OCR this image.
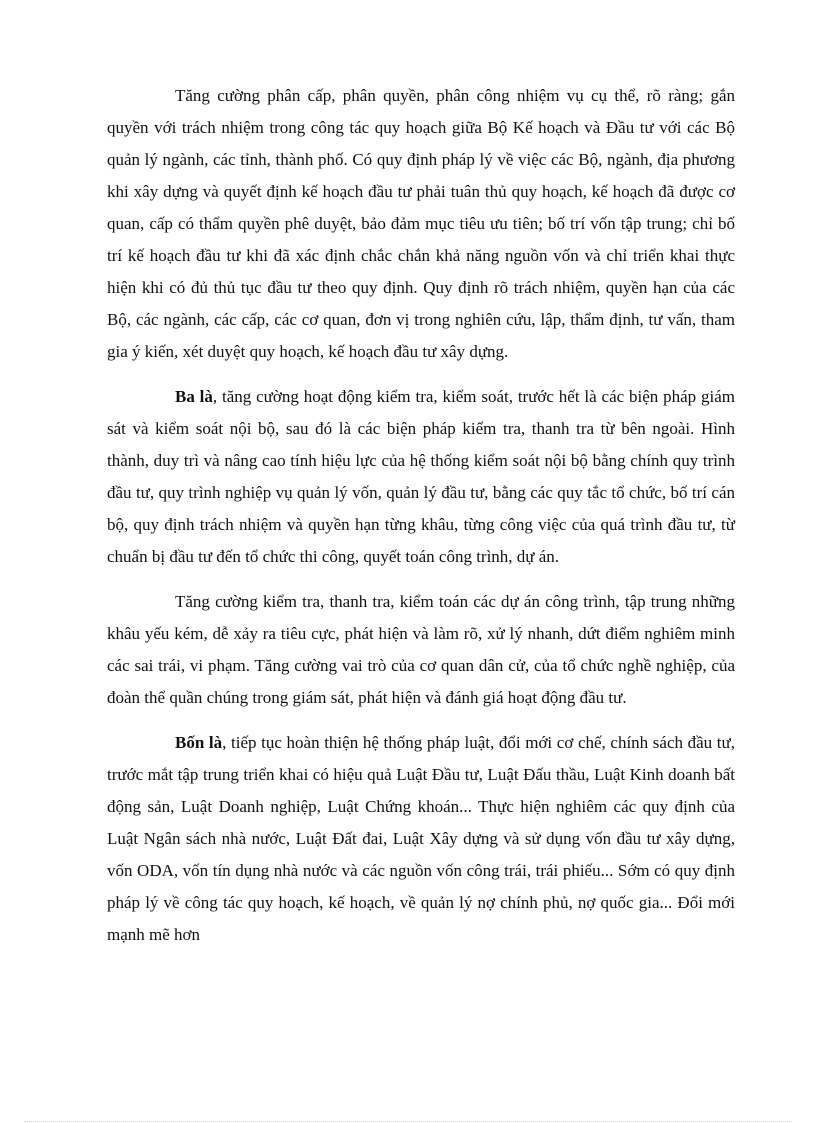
Tăng cường phân cấp, phân quyền, phân công nhiệm vụ cụ thể, rõ ràng; gắn quyền với trách nhiệm trong công tác quy hoạch giữa Bộ Kế hoạch và Đầu tư với các Bộ quản lý ngành, các tỉnh, thành phố. Có quy định pháp lý về việc các Bộ, ngành, địa phương khi xây dựng và quyết định kế hoạch đầu tư phải tuân thủ quy hoạch, kế hoạch đã được cơ quan, cấp có thẩm quyền phê duyệt, bảo đảm mục tiêu ưu tiên; bố trí vốn tập trung; chỉ bố trí kế hoạch đầu tư khi đã xác định chắc chắn khả năng nguồn vốn và chỉ triển khai thực hiện khi có đủ thủ tục đầu tư theo quy định. Quy định rõ trách nhiệm, quyền hạn của các Bộ, các ngành, các cấp, các cơ quan, đơn vị trong nghiên cứu, lập, thẩm định, tư vấn, tham gia ý kiến, xét duyệt quy hoạch, kế hoạch đầu tư xây dựng.

Ba là, tăng cường hoạt động kiểm tra, kiểm soát, trước hết là các biện pháp giám sát và kiểm soát nội bộ, sau đó là các biện pháp kiểm tra, thanh tra từ bên ngoài. Hình thành, duy trì và nâng cao tính hiệu lực của hệ thống kiểm soát nội bộ bằng chính quy trình đầu tư, quy trình nghiệp vụ quản lý vốn, quản lý đầu tư, bằng các quy tắc tổ chức, bố trí cán bộ, quy định trách nhiệm và quyền hạn từng khâu, từng công việc của quá trình đầu tư, từ chuẩn bị đầu tư đến tổ chức thi công, quyết toán công trình, dự án.

Tăng cường kiểm tra, thanh tra, kiểm toán các dự án công trình, tập trung những khâu yếu kém, dễ xảy ra tiêu cực, phát hiện và làm rõ, xử lý nhanh, dứt điểm nghiêm minh các sai trái, vi phạm. Tăng cường vai trò của cơ quan dân cử, của tổ chức nghề nghiệp, của đoàn thể quần chúng trong giám sát, phát hiện và đánh giá hoạt động đầu tư.

Bốn là, tiếp tục hoàn thiện hệ thống pháp luật, đổi mới cơ chế, chính sách đầu tư, trước mắt tập trung triển khai có hiệu quả Luật Đầu tư, Luật Đấu thầu, Luật Kinh doanh bất động sản, Luật Doanh nghiệp, Luật Chứng khoán... Thực hiện nghiêm các quy định của Luật Ngân sách nhà nước, Luật Đất đai, Luật Xây dựng và sử dụng vốn đầu tư xây dựng, vốn ODA, vốn tín dụng nhà nước và các nguồn vốn công trái, trái phiếu... Sớm có quy định pháp lý về công tác quy hoạch, kế hoạch, về quản lý nợ chính phủ, nợ quốc gia... Đổi mới mạnh mẽ hơn
